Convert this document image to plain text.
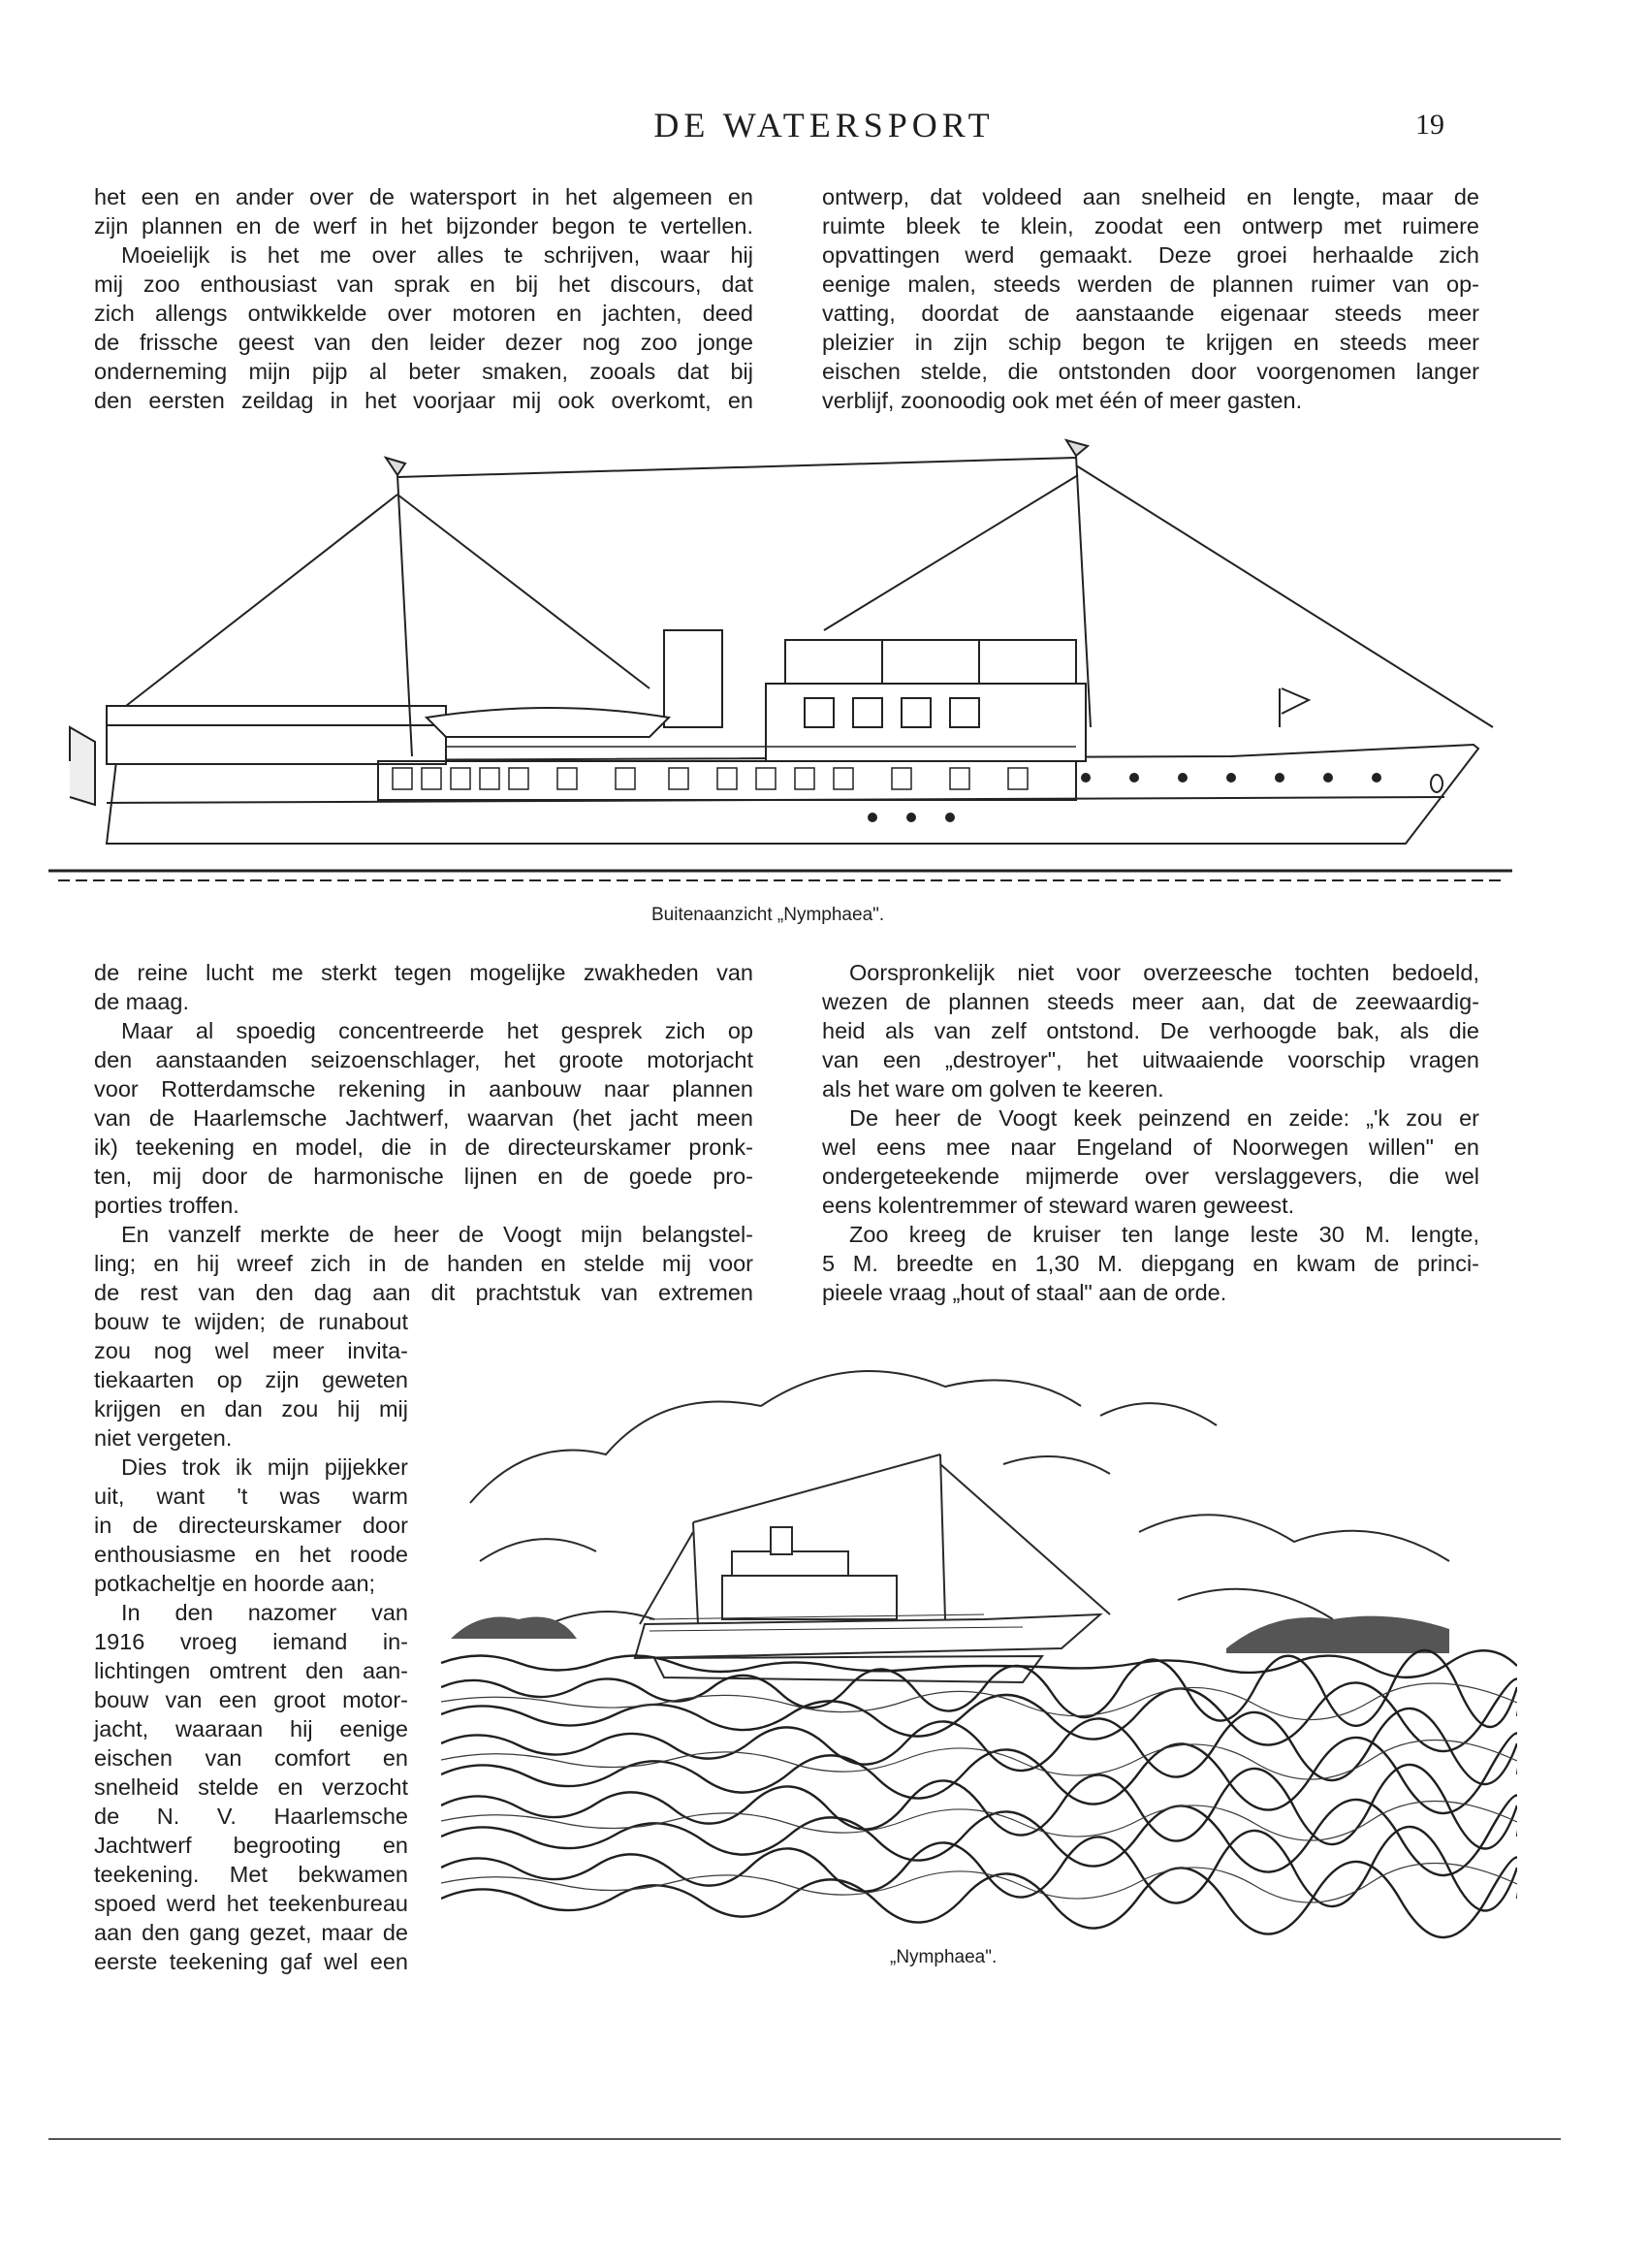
DE WATERSPORT	19

het een en ander over de watersport in het algemeen en

zijn plannen en de werf in het bijzonder begon te vertellen.

Moeielijk is het me over alles te schrijven, waar hij

mij zoo enthousiast van sprak en bij het discours, dat

zich allengs ontwikkelde over motoren en jachten, deed

de frissche geest van den leider dezer nog zoo jonge

onderneming mijn pijp al beter smaken, zooals dat bij

den eersten zeildag in het voorjaar mij ook overkomt, en

ontwerp, dat voldeed aan snelheid en lengte, maar de

ruimte bleek te klein, zoodat een ontwerp met ruimere

opvattingen werd gemaakt. Deze groei herhaalde zich

eenige malen, steeds werden de plannen ruimer van op-

vatting, doordat de aanstaande eigenaar steeds meer

pleizier in zijn schip begon te krijgen en steeds meer

eischen stelde, die ontstonden door voorgenomen langer

verblijf, zoonoodig ook met één of meer gasten.

Buitenaanzicht „Nymphaea".

de reine lucht me sterkt tegen mogelijke zwakheden van

de maag.

Maar al spoedig concentreerde het gesprek zich op

den aanstaanden seizoenschlager, het groote motorjacht

voor Rotterdamsche rekening in aanbouw naar plannen

van de Haarlemsche Jachtwerf, waarvan (het jacht meen

ik) teekening en model, die in de directeurskamer pronk-

ten, mij door de harmonische lijnen en de goede pro-

porties troffen.

En vanzelf merkte de heer de Voogt mijn belangstel-

ling; en hij wreef zich in de handen en stelde mij voor

de rest van den dag aan dit prachtstuk van extremen

bouw te wijden; de runabout

zou nog wel meer invita-

tiekaarten op zijn geweten

krijgen en dan zou hij mij

niet vergeten.

Dies trok ik mijn pijjekker

uit, want 't was warm

in de directeurskamer door

enthousiasme en het roode

potkacheltje en hoorde aan;

In den nazomer van

1916 vroeg iemand in-

lichtingen omtrent den aan-

bouw van een groot motor-

jacht, waaraan hij eenige

eischen van comfort en

snelheid stelde en verzocht

de N. V. Haarlemsche

Jachtwerf begrooting en

teekening. Met bekwamen

spoed werd het teekenbureau

aan den gang gezet, maar de

eerste teekening gaf wel een

Oorspronkelijk niet voor overzeesche tochten bedoeld,

wezen de plannen steeds meer aan, dat de zeewaardig-

heid als van zelf ontstond. De verhoogde bak, als die

van een „destroyer", het uitwaaiende voorschip vragen

als het ware om golven te keeren.

De heer de Voogt keek peinzend en zeide: „'k zou er

wel eens mee naar Engeland of Noorwegen willen" en

ondergeteekende mijmerde over verslaggevers, die wel

eens kolentremmer of steward waren geweest.

Zoo kreeg de kruiser ten lange leste 30 M. lengte,

5 M. breedte en 1,30 M. diepgang en kwam de princi-

pieele vraag „hout of staal" aan de orde.

„Nymphaea".
